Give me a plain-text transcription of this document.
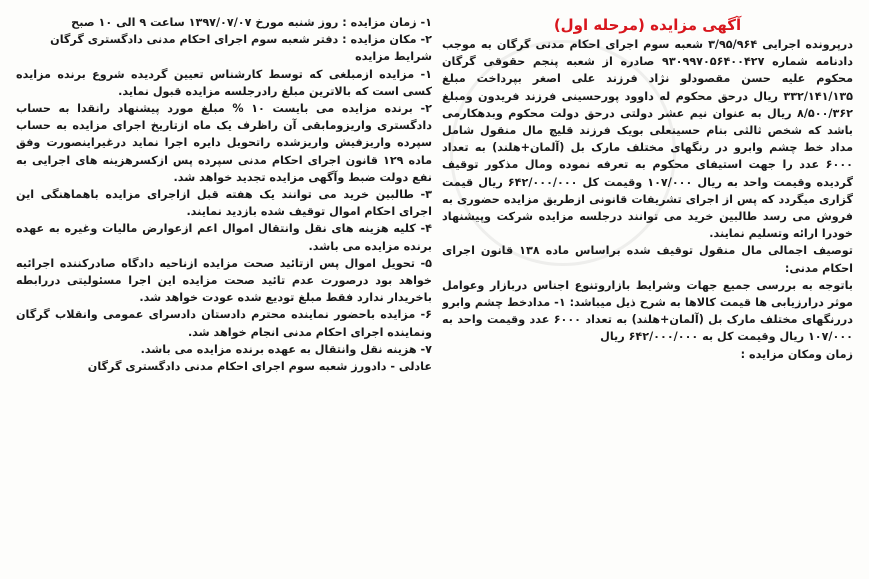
۱- زمان مزایده : روز شنبه مورخ ۱۳۹۷/۰۷/۰۷ ساعت ۹ الی ۱۰ صبح

۲- مکان مزایده : دفتر شعبه سوم اجرای احکام مدنی دادگستری گرگان

شرایط مزایده

۱- مزایده ازمبلغی که توسط کارشناس تعیین گردیده شروع برنده مزایده کسی است که بالاترین مبلغ رادرجلسه مزایده قبول نماید.

۲- برنده مزایده می بایست ۱۰ % مبلغ مورد پیشنهاد رانقدا به حساب دادگستری واریزومابقی آن راظرف یک ماه ازتاریخ اجرای مزایده به حساب سپرده واریزفیش واریزشده راتحویل دایره اجرا نماید درغیراینصورت وفق ماده ۱۲۹ قانون اجرای احکام مدنی سپرده پس ازکسرهزینه های اجرایی به نفع دولت ضبط وآگهی مزایده تجدید خواهد شد.

۳- طالبین خرید می توانند یک هفته قبل ازاجرای مزایده باهماهنگی این اجرای احکام اموال توقیف شده بازدید نمایند.

۴- کلیه هزینه های نقل وانتقال اموال اعم ازعوارض مالیات وغیره به عهده برنده مزایده می باشد.

۵- تحویل اموال پس ازتائید صحت مزایده ازناحیه دادگاه صادرکننده اجرائیه خواهد بود درصورت عدم تائید صحت مزایده این اجرا مسئولیتی دررابطه باخریدار ندارد فقط مبلغ تودیع شده عودت خواهد شد.

۶- مزایده باحضور نماینده محترم دادستان دادسرای عمومی وانقلاب گرگان ونماینده اجرای احکام مدنی انجام خواهد شد.

۷- هزینه نقل وانتقال به عهده برنده مزایده می باشد.

عادلی - دادورز شعبه سوم اجرای احکام مدنی دادگستری گرگان

آگهی مزایده (مرحله اول)

درپرونده اجرایی ۳/۹۵/۹۶۴ شعبه سوم اجرای احکام مدنی گرگان به موجب دادنامه شماره ۹۳۰۹۹۷۰۵۶۴۰۰۴۲۷ صادره از شعبه پنجم حقوقی گرگان محکوم علیه حسن مقصودلو نژاد فرزند علی اصغر بپرداخت مبلغ ۳۳۲/۱۴۱/۱۳۵ ریال درحق محکوم له داوود پورحسینی فرزند فریدون ومبلغ ۸/۵۰۰/۳۶۲ ریال به عنوان نیم عشر دولتی درحق دولت محکوم وبدهکارمی باشد که شخص ثالثی بنام حسینعلی بویک فرزند قلیچ مال منقول شامل مداد خط چشم وابرو در رنگهای مختلف مارک بل (آلمان+هلند) به تعداد ۶۰۰۰ عدد را جهت استیفای محکوم به تعرفه نموده ومال مذکور توقیف گردیده وقیمت واحد به ریال ۱۰۷/۰۰۰ وقیمت کل ۶۴۲/۰۰۰/۰۰۰ ریال قیمت گزاری میگردد که پس از اجرای تشریفات قانونی ازطریق مزایده حضوری به فروش می رسد طالبین خرید می توانند درجلسه مزایده شرکت وپیشنهاد خودرا ارائه وتسلیم نمایند.

توصیف اجمالی مال منقول توقیف شده براساس ماده ۱۳۸ قانون اجرای احکام مدنی:

باتوجه به بررسی جمیع جهات وشرایط بازاروتنوع اجناس دربازار وعوامل موثر درارزیابی ها قیمت کالاها به شرح ذیل میباشد: ۱- مدادخط چشم وابرو دررنگهای مختلف مارک بل (آلمان+هلند) به تعداد ۶۰۰۰ عدد وقیمت واحد به ۱۰۷/۰۰۰ ریال وقیمت کل به ۶۴۲/۰۰۰/۰۰۰ ریال

زمان ومکان مزایده :
